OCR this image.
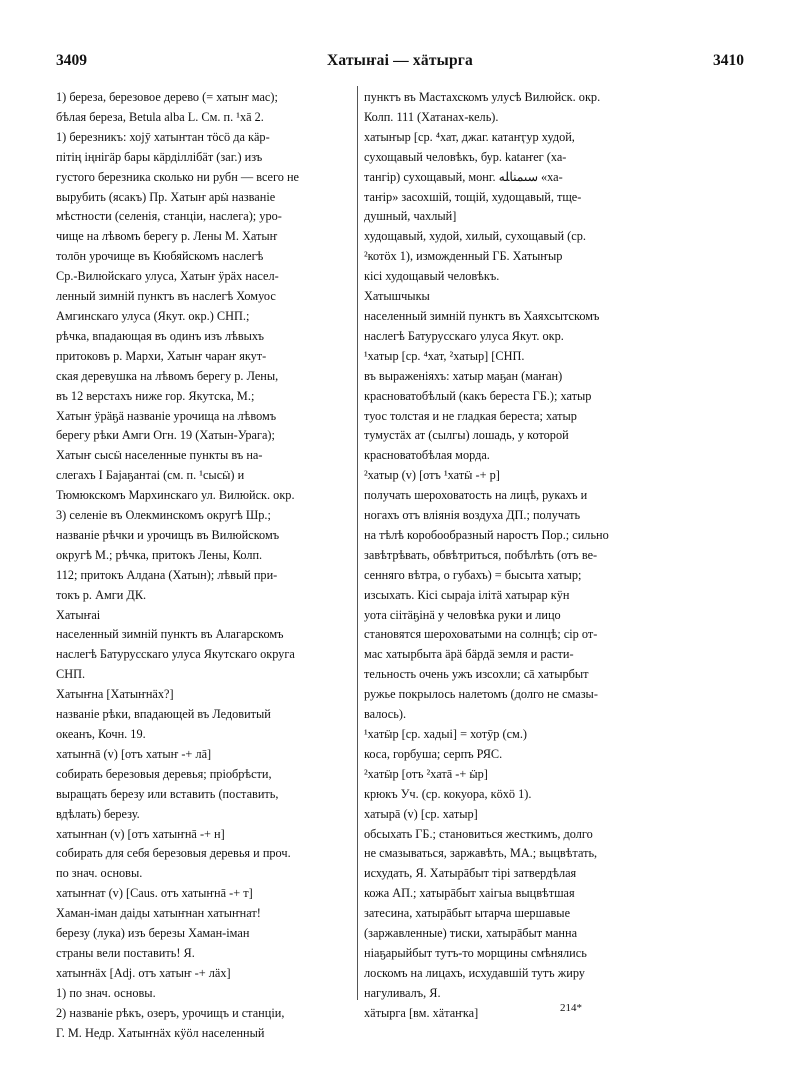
3409	Хатыҥаі — хäтырга	3410
1) береза, березовое дерево (= хатыҥ мас);
бѣлая береза, Betula alba L. См. п. ¹хā 2.
1) березникъ: хојӯ хатыҥтан тӧсӧ да кäр-
пітің іңнігäр бары кäрділлібäт (заг.) изъ
густого березника сколько ни рубн — всего не
вырубить (ясакъ) Пр. Хатыҥ арӹ названіе
мѣстности (селенія, станціи, наслега); уро-
чище на лѣвомъ берегу р. Лены М. Хатыҥ
толōн урочище въ Кюбяйскомъ наслегѣ
Ср.-Вилюйскаго улуса, Хатыҥ ӱрäх насел-
ленный зимній пунктъ въ наслегѣ Хомуос
Амгинскаго улуса (Якут. окр.) СНП.;
рѣчка, впадающая въ одинъ изъ лѣвыхъ
притоковъ р. Мархи, Хатыҥ чараҥ якут-
ская деревушка на лѣвомъ берегу р. Лены,
въ 12 верстахъ ниже гор. Якутска, М.;
Хатыҥ ӱрäҕä названіе урочища на лѣвомъ
берегу рѣки Амги Огн. 19 (Хатын-Урага);
Хатыҥ сысӹ населенные пункты въ на-
слегахъ I Баjаҕантаі (см. п. ¹сысӹ) и
Тюмюкскомъ Мархинскаго ул. Вилюйск. окр.
3) селеніе въ Олекминскомъ округѣ Шр.;
названіе рѣчки и урочищъ въ Вилюйскомъ
округѣ М.; рѣчка, притокъ Лены, Колп.
112; притокъ Алдана (Хатын); лѣвый при-
токъ р. Амги ДК.
Хатыҥаі
населенный зимній пунктъ въ Алагарскомъ
наслегѣ Батурусскаго улуса Якутскаго округа
СНП.
Хатыҥна [Хатыҥнäх?]
названіе рѣки, впадающей въ Ледовитый
океанъ, Кочн. 19.
хатыҥнā (v) [отъ хатыҥ -+ лā]
собирать березовыя деревья; пріобрѣсти,
выращать березу или вставить (поставить,
вдѣлать) березу.
хатыҥнан (v) [отъ хатыҥнā -+ н]
собирать для себя березовыя деревья и проч.
по знач. основы.
хатыҥнат (v) [Caus. отъ хатыҥнā -+ т]
Хаман-іман даіды хатыҥнан хатыҥнат!
березу (лука) изъ березы Хаман-іман
страны вели поставить! Я.
хатыҥнäх [Adj. отъ хатыҥ -+ лäх]
1) по знач. основы.
2) названіе рѣкъ, озеръ, урочищъ и станціи,
Г. М. Недр. Хатыҥнäх кӱӧл населенный
пунктъ въ Мастахскомъ улусѣ Вилюйск. окр.
Колп. 111 (Хатанах-кель).
хатыҥыр [ср. ⁴хат, джаг. катаҥӷур худой,
сухощавый человѣкъ, бур. kataҥег (ха-
тангір) сухощавый, монг. ‏ﺳﯩﻤﻨﺎﻠﻪ‎ «ха-
таҥір» засохшій, тощій, худощавый, тще-
душный, чахлый]
худощавый, худой, хилый, сухощавый (ср.
²котӧх 1), изможденный ГБ. Хатыҥыр
кісі худощавый человѣкъ.
Хатышчыкы
населенный зимній пунктъ въ Хаяхсытскомъ
наслегѣ Батурусскаго улуса Якут. окр.
¹хатыр [ср. ⁴хат, ²хатыр] [СНП.
въ выраженіяхъ: хатыр маҕан (маҥан)
красноватобѣлый (какъ береста ГБ.); хатыр
туос толстая и не гладкая береста; хатыр
тумустäх ат (сылгы) лошадь, у которой
красноватобѣлая морда.
²хатыр (v) [отъ ¹хатӹ -+ р]
получать шероховатость на лицѣ, рукахъ и
ногахъ отъ вліянія воздуха ДП.; получать
на тѣлѣ коробообразный наростъ Пор.; сильно
завѣтрѣвать, обвѣтриться, побѣлѣть (отъ ве-
сенняго вѣтра, о губахъ) = бысыта хатыр;
изсыхать. Кісі сырајa ілітä хатырар кӱн
уота сіітäҕінä у человѣка руки и лицо
становятся шероховатыми на солнцѣ; сір от-
мас хатырбыта äрä бäрдä земля и расти-
тельность очень ужъ изсохли; сā хатырбыт
ружье покрылось налетомъ (долго не смазы-
валось).
¹хатӹр [ср. хадыі] = хотӯр (см.)
коса, горбуша; серпъ РЯС.
²хатӹр [отъ ²хатā -+ ӹр]
крюкъ Уч. (ср. кокуора, кӧхӧ 1).
хатырā (v) [ср. хатыр]
обсыхать ГБ.; становиться жесткимъ, долго
не смазываться, заржавѣть, МА.; выцвѣтать,
исхудать, Я. Хатырāбыт тірі затвердѣлая
кожа АП.; хатырāбыт хаігыа выцвѣтшая
затесина, хатырāбыт ытарча шершавые
(заржавленные) тиски, хатырāбыт манна
ніаҕарыйбыт тутъ-то морщины смѣнялись
лоскомъ на лицахъ, исхудавшій тутъ жиру
нагуливалъ, Я.
хäтырга [вм. хäтаҥка]	214*
